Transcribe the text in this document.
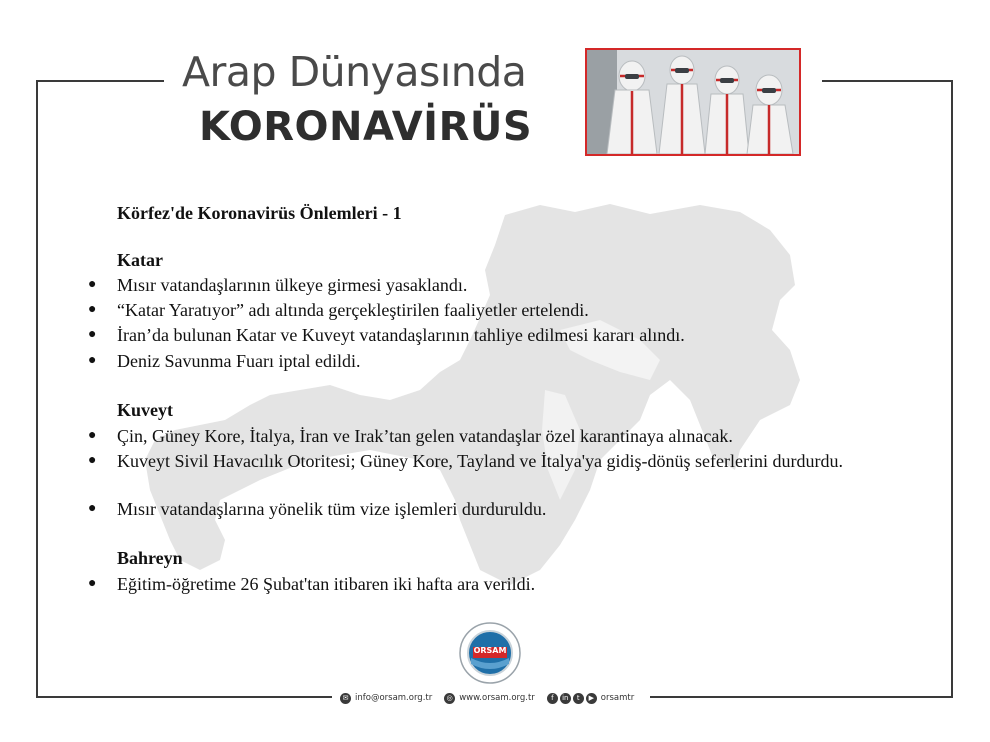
Arap Dünyasında
KORONAVİRÜS
Körfez'de Koronavirüs Önlemleri - 1
Katar
● Mısır vatandaşlarının ülkeye girmesi yasaklandı.
● “Katar Yaratıyor” adı altında gerçekleştirilen faaliyetler ertelendi.
● İran’da bulunan Katar ve Kuveyt vatandaşlarının tahliye edilmesi kararı alındı.
● Deniz Savunma Fuarı iptal edildi.
Kuveyt
● Çin, Güney Kore, İtalya, İran ve Irak’tan gelen vatandaşlar özel karantinaya alınacak.
● Kuveyt Sivil Havacılık Otoritesi; Güney Kore, Tayland ve İtalya'ya gidiş-dönüş seferlerini durdurdu.
● Mısır vatandaşlarına yönelik tüm vize işlemleri durduruldu.
Bahreyn
● Eğitim-öğretime 26 Şubat'tan itibaren iki hafta ara verildi.
ORSAM
✉ info@orsam.org.tr	◎ www.orsam.org.tr	f	in	t	▶ orsamtr
